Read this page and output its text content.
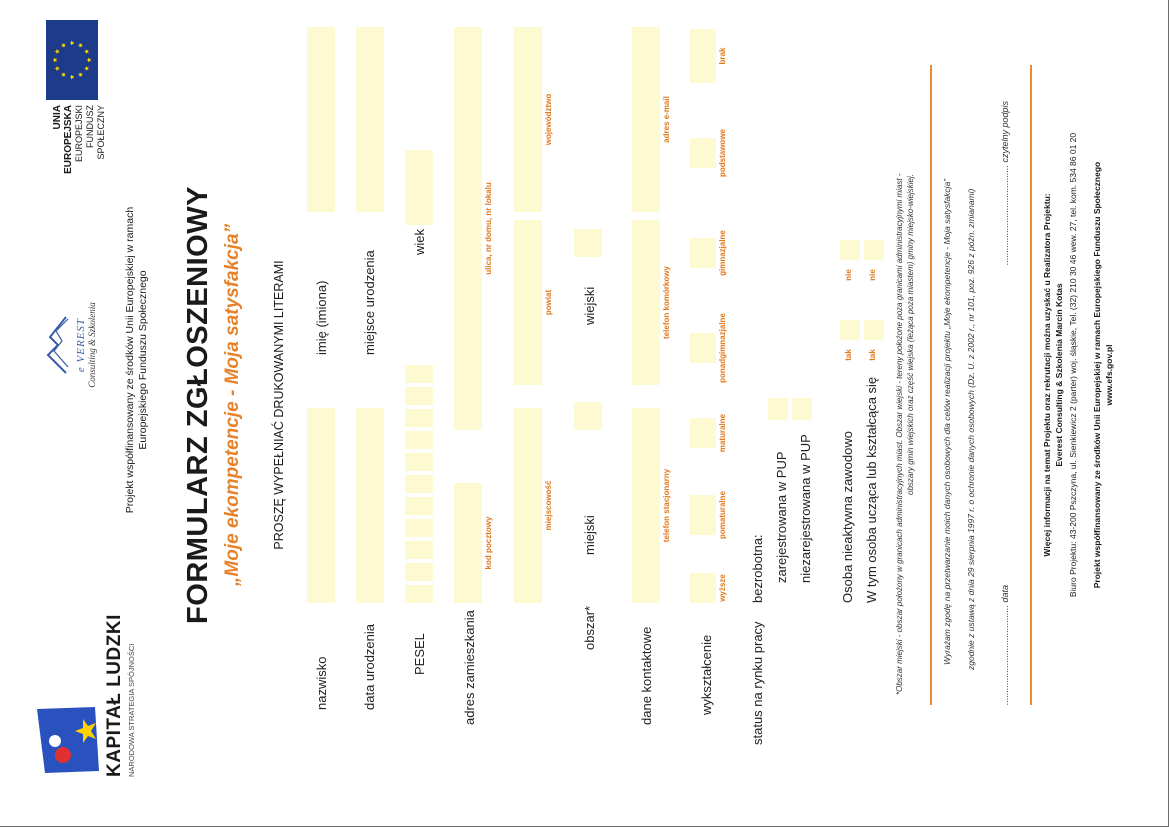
KAPITAŁ LUDZKI NARODOWA STRATEGIA SPÓJNOŚCI
Projekt współfinansowany ze środków Unii Europejskiej w ramach Europejskiego Funduszu Społecznego
e VEREST Consulting & Szkolenia
UNIA EUROPEJSKA EUROPEJSKI FUNDUSZ SPOŁECZNY
FORMULARZ ZGŁOSZENIOWY „Moje ekompetencje - Moja satysfakcja” PROSZĘ WYPEŁNIAĆ DRUKOWANYMI LITERAMI
nazwisko
imię (imiona)
data urodzenia
miejsce urodzenia
PESEL
wiek
adres zamieszkania
kod pocztowy
ulica, nr domu, nr lokalu
miejscowość
powiat
województwo
obszar*
miejski
wiejski
dane kontaktowe
telefon stacjonarny
telefon komórkowy
adres e-mail
wykształcenie
wyższe
pomaturalne
maturalne
ponadgimnazjalne
gimnazjalne
podstawowe
brak
status na rynku pracy
bezrobotna: zarejestrowana w PUP niezarejestrowana w PUP Osoba nieaktywna zawodowo W tym osoba ucząca lub kształcąca się
tak tak
nie nie *Obszar miejski - obszar położony w granicach administracyjnych miast. Obszar wiejski - tereny położone poza granicami administracyjnymi miast - obszary gmin wiejskich oraz część wiejska (leżąca poza miastem) gminy miejsko-wiejskiej.	Wyrażam zgodę na przetwarzanie moich danych osobowych dla celów realizacji projektu „Moje ekompetencje - Moja satysfakcja” zgodnie z ustawą z dnia 29 sierpnia 1997 r. o ochronie danych osobowych (Dz. U. z 2002 r., nr 101, poz. 926 z późn. zmianami)	........................................ data
........................................ czytelny podpis
Więcej informacji na temat Projektu oraz rekrutacji można uzyskać u Realizatora Projektu: Everest Consulting & Szkolenia Marcin Kotas Biuro Projektu: 43-200 Pszczyna, ul. Sienkiewicz 2 (parter) woj. śląskie, Tel. (32) 210 30 46 wew. 27, tel. kom. 534 86 01 20 Projekt współfinansowany ze środków Unii Europejskiej w ramach Europejskiego Funduszu Społecznego www.efs.gov.pl
